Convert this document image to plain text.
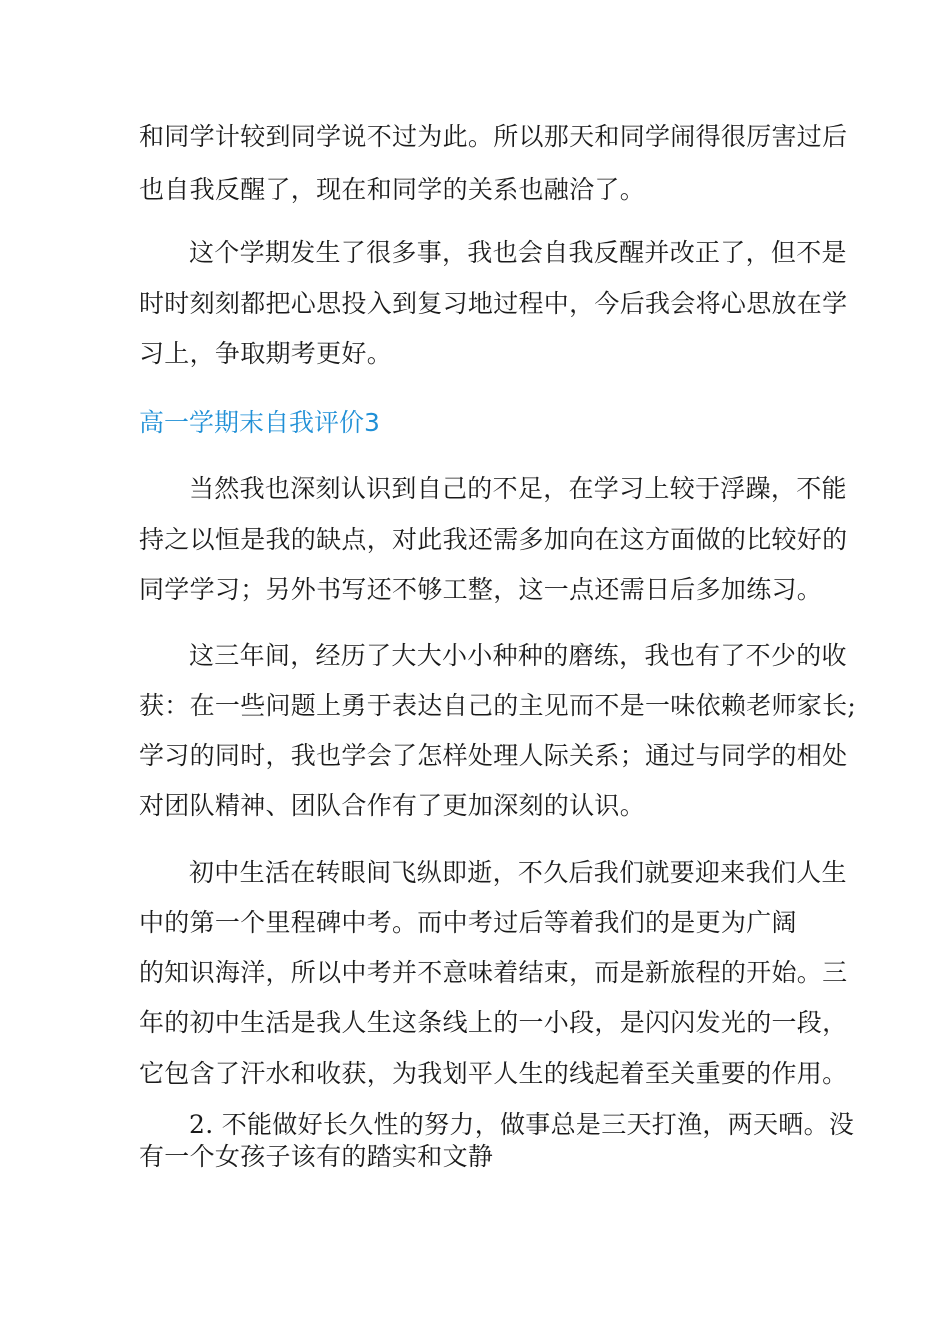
和同学计较到同学说不过为此。所以那天和同学闹得很厉害过后
也自我反醒了，现在和同学的关系也融洽了。
这个学期发生了很多事，我也会自我反醒并改正了，但不是
时时刻刻都把心思投入到复习地过程中，今后我会将心思放在学
习上，争取期考更好。
高一学期末自我评价3
当然我也深刻认识到自己的不足，在学习上较于浮躁，不能
持之以恒是我的缺点，对此我还需多加向在这方面做的比较好的
同学学习；另外书写还不够工整，这一点还需日后多加练习。
这三年间，经历了大大小小种种的磨练，我也有了不少的收
获：在一些问题上勇于表达自己的主见而不是一味依赖老师家长;
学习的同时，我也学会了怎样处理人际关系；通过与同学的相处
对团队精神、团队合作有了更加深刻的认识。
初中生活在转眼间飞纵即逝，不久后我们就要迎来我们人生
中的第一个里程碑中考。而中考过后等着我们的是更为广阔
的知识海洋，所以中考并不意味着结束，而是新旅程的开始。三
年的初中生活是我人生这条线上的一小段，是闪闪发光的一段，
它包含了汗水和收获，为我划平人生的线起着至关重要的作用。
2. 不能做好长久性的努力，做事总是三天打渔，两天晒。没
有一个女孩子该有的踏实和文静
